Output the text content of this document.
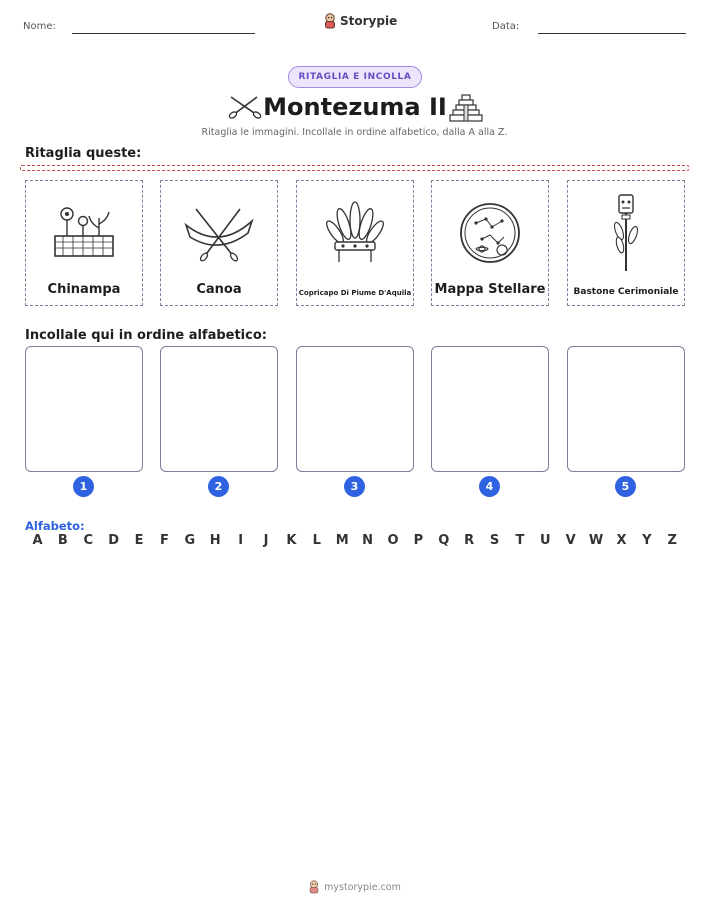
Nome:	Storypie	Data:
RITAGLIA E INCOLLA
Montezuma II
Ritaglia le immagini. Incollale in ordine alfabetico, dalla A alla Z.
Ritaglia queste:
Chinampa	Canoa	Copricapo Di Piume D'Aquila Mappa Stellare	Bastone Cerimoniale
Incollale qui in ordine alfabetico:
1	2	3	4	5
Alfabeto:
A	B	C	D	E	F	G	H	I	J	K	L	M	N	O	P	Q	R	S	T	U	V	W	X	Y	Z
mystorypie.com
